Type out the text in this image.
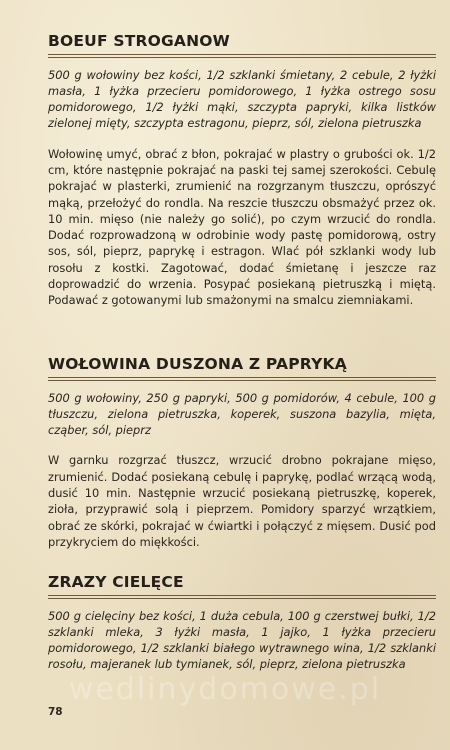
BOEUF STROGANOW

500 g wołowiny bez kości, 1/2 szklanki śmietany, 2 cebule, 2 łyżki masła, 1 łyżka przecieru pomidorowego, 1 łyżka ostrego sosu pomidorowego, 1/2 łyżki mąki, szczypta papryki, kilka listków zielonej mięty, szczypta estragonu, pieprz, sól, zielona pietruszka

Wołowinę umyć, obrać z błon, pokrajać w plastry o grubości ok. 1/2 cm, które następnie pokrajać na paski tej samej szerokości. Cebulę pokrajać w plasterki, zrumienić na rozgrzanym tłuszczu, oprószyć mąką, przełożyć do rondla. Na reszcie tłuszczu obsmażyć przez ok. 10 min. mięso (nie należy go solić), po czym wrzucić do rondla. Dodać rozprowadzoną w odrobinie wody pastę pomidorową, ostry sos, sól, pieprz, paprykę i estragon. Wlać pół szklanki wody lub rosołu z kostki. Zagotować, dodać śmietanę i jeszcze raz doprowadzić do wrzenia. Posypać posiekaną pietruszką i miętą. Podawać z gotowanymi lub smażonymi na smalcu ziemniakami.

WOŁOWINA DUSZONA Z PAPRYKĄ

500 g wołowiny, 250 g papryki, 500 g pomidorów, 4 cebule, 100 g tłuszczu, zielona pietruszka, koperek, suszona bazylia, mięta, cząber, sól, pieprz

W garnku rozgrzać tłuszcz, wrzucić drobno pokrajane mięso, zrumienić. Dodać posiekaną cebulę i paprykę, podlać wrzącą wodą, dusić 10 min. Następnie wrzucić posiekaną pietruszkę, koperek, zioła, przyprawić solą i pieprzem. Pomidory sparzyć wrzątkiem, obrać ze skórki, pokrajać w ćwiartki i połączyć z mięsem. Dusić pod przykryciem do miękkości.

ZRAZY CIELĘCE

500 g cielęciny bez kości, 1 duża cebula, 100 g czerstwej bułki, 1/2 szklanki mleka, 3 łyżki masła, 1 jajko, 1 łyżka przecieru pomidorowego, 1/2 szklanki białego wytrawnego wina, 1/2 szklanki rosołu, majeranek lub tymianek, sól, pieprz, zielona pietruszka

wedlinydomowe.pl
78
